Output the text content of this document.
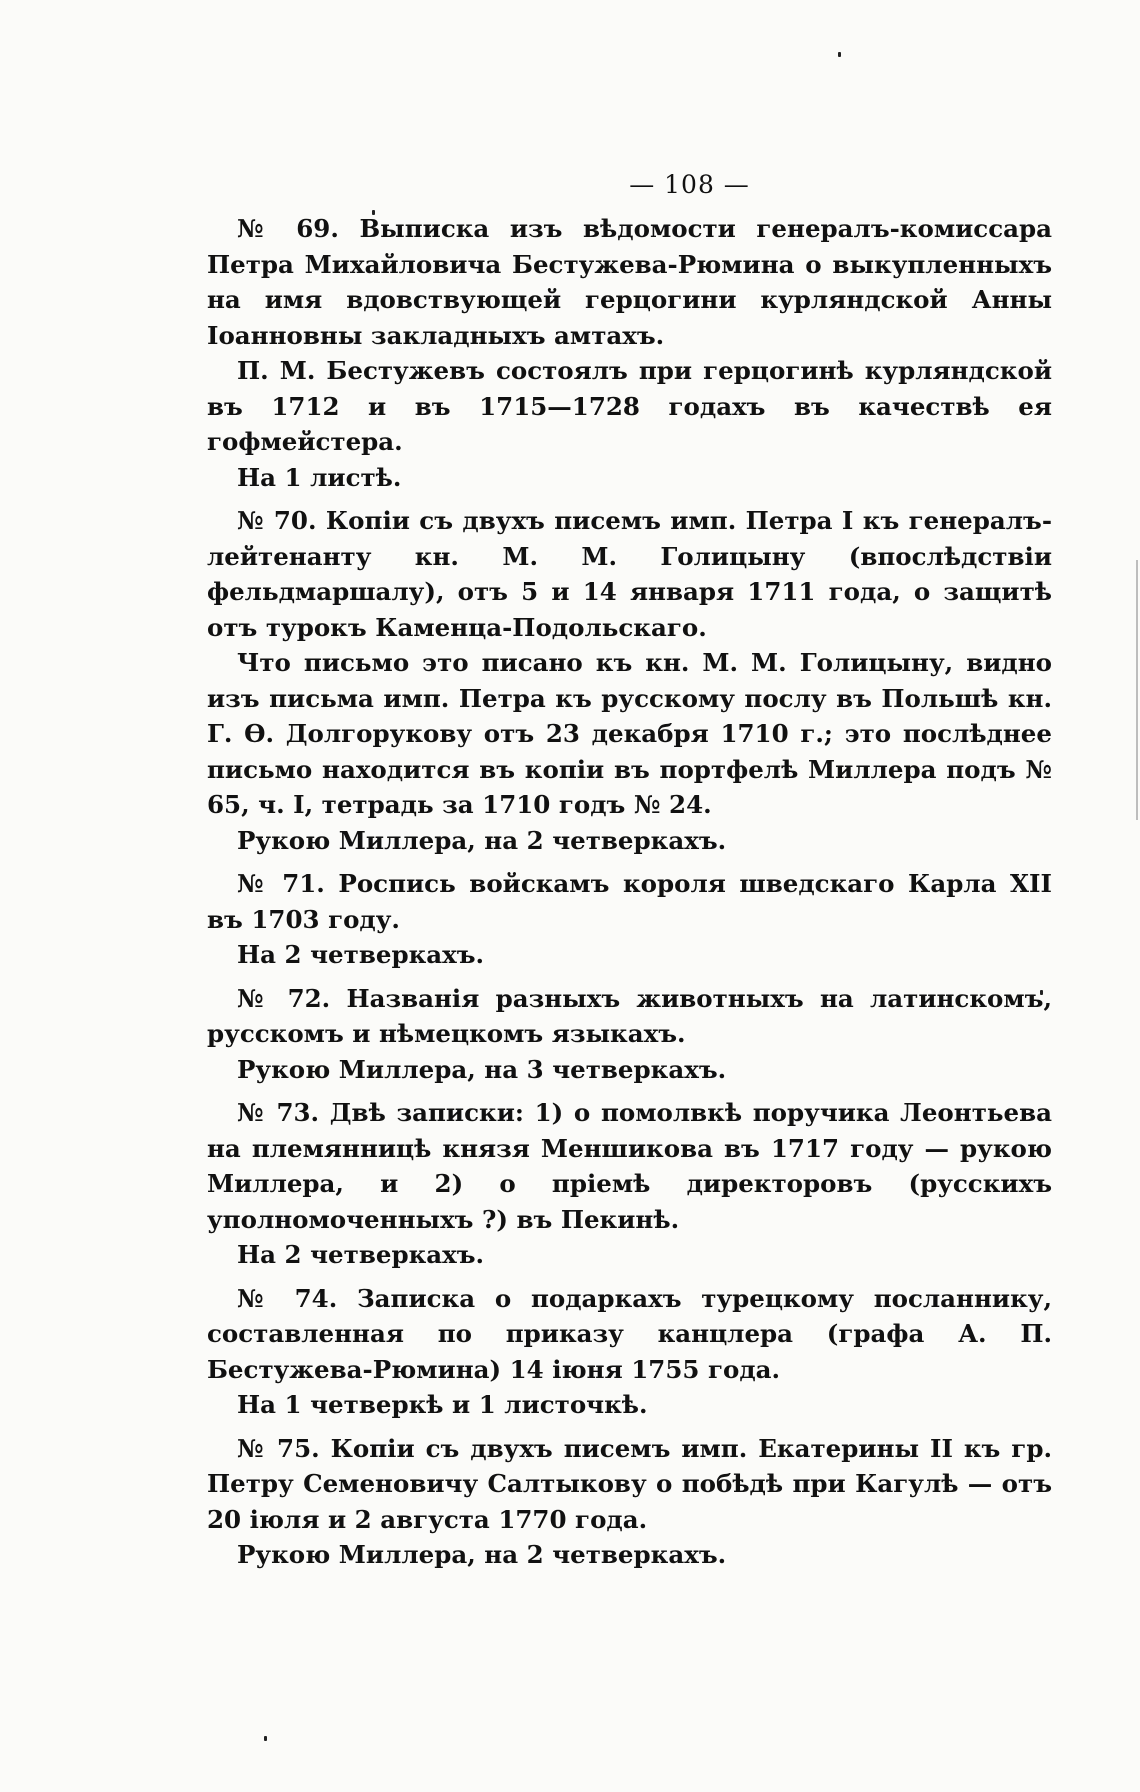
— 108 —

№ 69. Выписка изъ вѣдомости генералъ-комиссара Петра Михайловича Бестужева-Рюмина о выкупленныхъ на имя вдовствующей герцогини курляндской Анны Іоанновны закладныхъ амтахъ.

П. М. Бестужевъ состоялъ при герцогинѣ курляндской въ 1712 и въ 1715—1728 годахъ въ качествѣ ея гофмейстера.

На 1 листѣ.

№ 70. Копіи съ двухъ писемъ имп. Петра I къ генералъ-лейтенанту кн. М. М. Голицыну (впослѣдствіи фельдмаршалу), отъ 5 и 14 января 1711 года, о защитѣ отъ турокъ Каменца-Подольскаго.

Что письмо это писано къ кн. М. М. Голицыну, видно изъ письма имп. Петра къ русскому послу въ Польшѣ кн. Г. Ѳ. Долгорукову отъ 23 декабря 1710 г.; это послѣднее письмо находится въ копіи въ портфелѣ Миллера подъ № 65, ч. I, тетрадь за 1710 годъ № 24.

Рукою Миллера, на 2 четверкахъ.

№ 71. Роспись войскамъ короля шведскаго Карла XII въ 1703 году.

На 2 четверкахъ.

№ 72. Названія разныхъ животныхъ на латинскомъ, русскомъ и нѣмецкомъ языкахъ.

Рукою Миллера, на 3 четверкахъ.

№ 73. Двѣ записки: 1) о помолвкѣ поручика Леонтьева на племянницѣ князя Меншикова въ 1717 году — рукою Миллера, и 2) о пріемѣ директоровъ (русскихъ уполномоченныхъ ?) въ Пекинѣ.

На 2 четверкахъ.

№ 74. Записка о подаркахъ турецкому посланнику, составленная по приказу канцлера (графа А. П. Бестужева-Рюмина) 14 іюня 1755 года.

На 1 четверкѣ и 1 листочкѣ.

№ 75. Копіи съ двухъ писемъ имп. Екатерины II къ гр. Петру Семеновичу Салтыкову о побѣдѣ при Кагулѣ — отъ 20 іюля и 2 августа 1770 года.

Рукою Миллера, на 2 четверкахъ.
